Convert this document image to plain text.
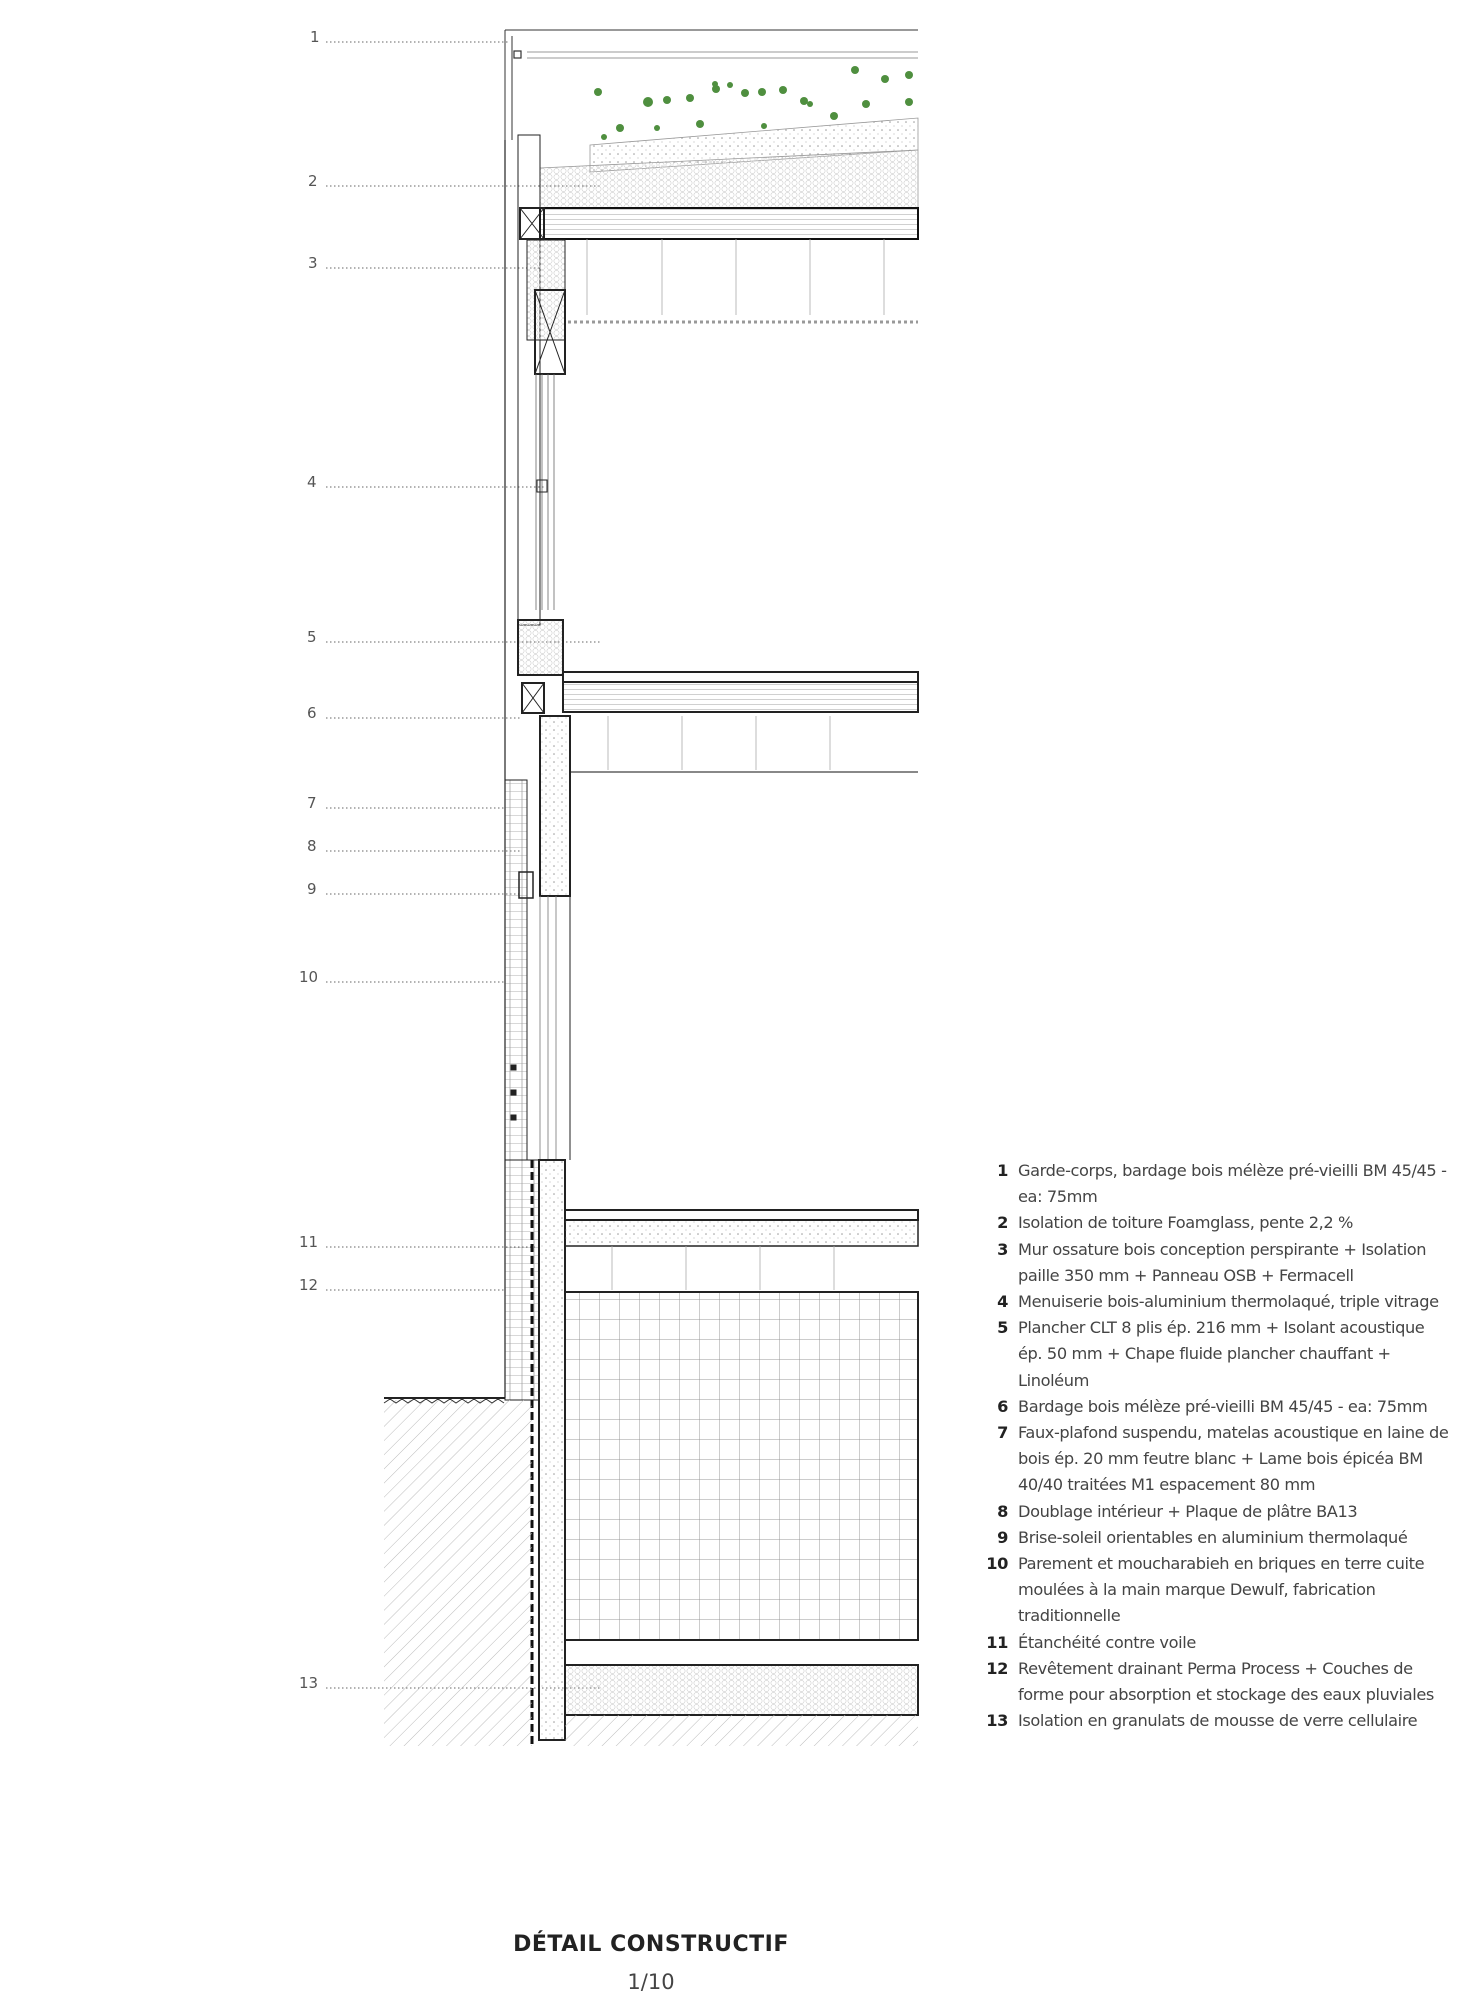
1
2
3
4
5
6
7
8
9
10
11
12
13
1 Garde-corps, bardage bois mélèze pré-vieilli BM 45/45 -
ea: 75mm
2 Isolation de toiture Foamglass, pente 2,2 %
3 Mur ossature bois conception perspirante + Isolation
paille 350 mm + Panneau OSB + Fermacell
4 Menuiserie bois-aluminium thermolaqué, triple vitrage
5 Plancher CLT 8 plis ép. 216 mm + Isolant acoustique
ép. 50 mm + Chape fluide plancher chauffant +
Linoléum
6 Bardage bois mélèze pré-vieilli BM 45/45 - ea: 75mm
7 Faux-plafond suspendu, matelas acoustique en laine de
bois ép. 20 mm feutre blanc + Lame bois épicéa BM
40/40 traitées M1 espacement 80 mm
8 Doublage intérieur + Plaque de plâtre BA13
9 Brise-soleil orientables en aluminium thermolaqué
10 Parement et moucharabieh en briques en terre cuite
moulées à la main marque Dewulf, fabrication
traditionnelle
11 Étanchéité contre voile
12 Revêtement drainant Perma Process + Couches de
forme pour absorption et stockage des eaux pluviales
13 Isolation en granulats de mousse de verre cellulaire
DÉTAIL CONSTRUCTIF
1/10
